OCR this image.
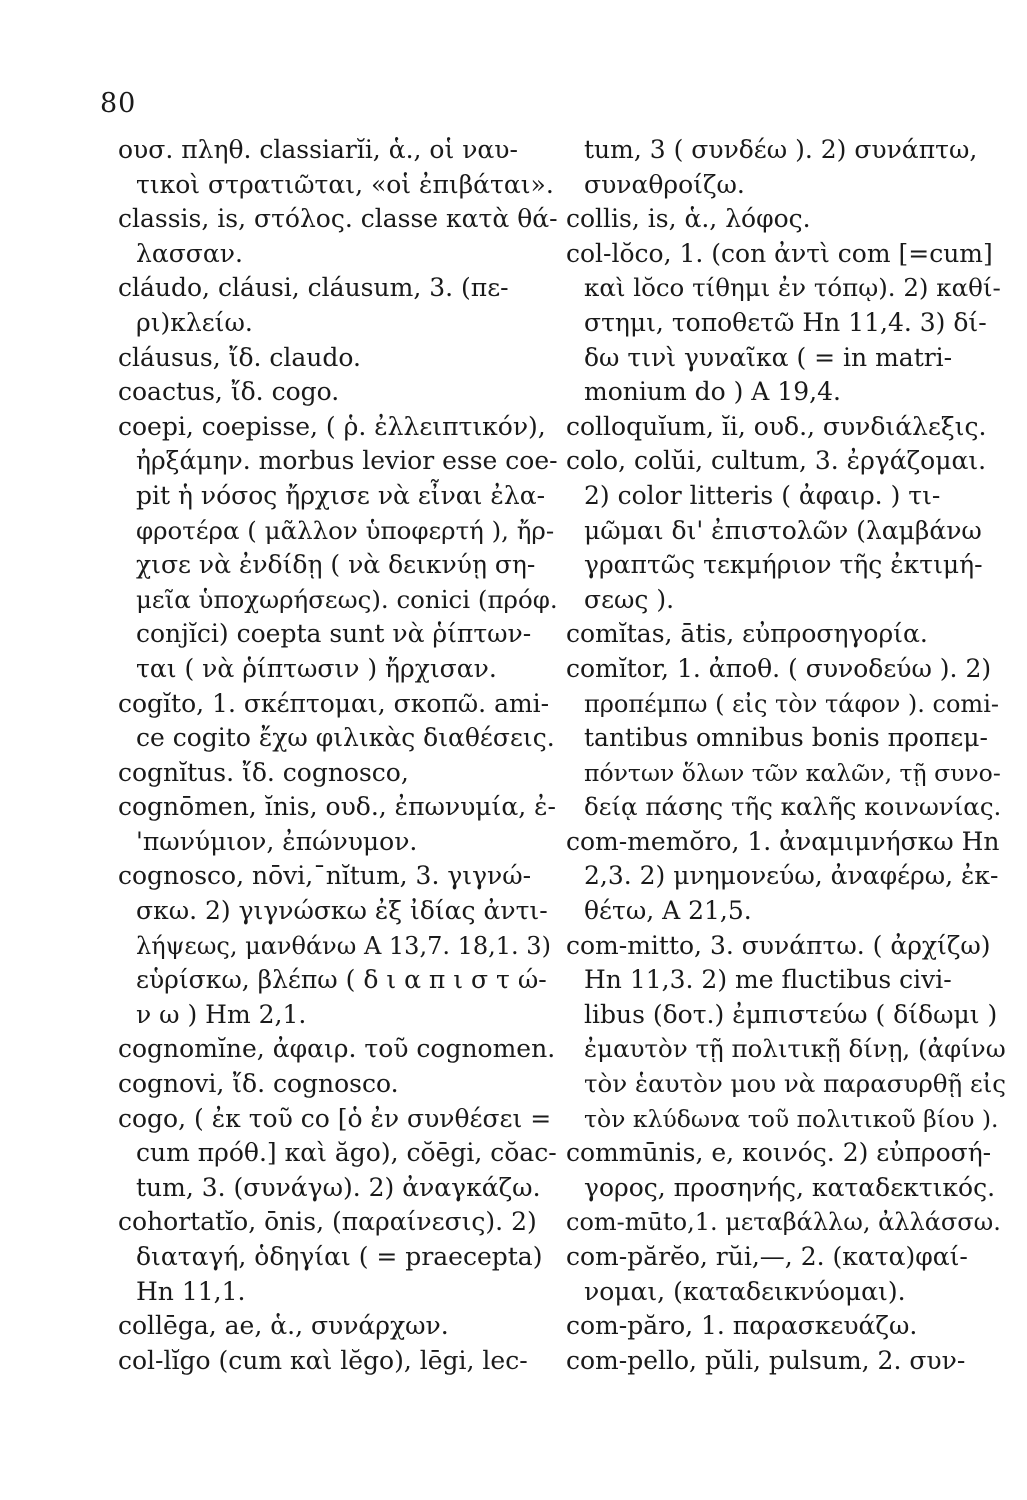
80
ουσ. πληθ. classiarĭi, ἁ., οἱ ναυ-
τικοὶ στρατιῶται, «οἱ ἐπιβάται».
classis, is, στόλος. classe κατὰ θά-
λασσαν.
cláudo, cláusi, cláusum, 3. (πε-
ρι)κλείω.
cláusus, ἴδ. claudo.
coactus, ἴδ. cogo.
coepi, coepisse, ( ῥ. ἐλλειπτικόν),
ἠρξάμην. morbus levior esse coe-
pit ἡ νόσος ἤρχισε νὰ εἶναι ἐλα-
φροτέρα ( μᾶλλον ὑποφερτή ), ἤρ-
χισε νὰ ἐνδίδῃ ( νὰ δεικνύῃ ση-
μεῖα ὑποχωρήσεως). conici (πρόφ.
conjĭci) coepta sunt νὰ ῥίπτων-
ται ( νὰ ῥίπτωσιν ) ἤρχισαν.
cogĭto, 1. σκέπτομαι, σκοπῶ. ami-
ce cogito ἔχω φιλικὰς διαθέσεις.
cognĭtus. ἴδ. cognosco,
cognōmen, ĭnis, ουδ., ἐπωνυμία, ἐ-
'πωνύμιον, ἐπώνυμον.
cognosco, nōvi,ˉnĭtum, 3. γιγνώ-
σκω. 2) γιγνώσκω ἐξ ἰδίας ἀντι-
λήψεως, μανθάνω Α 13,7. 18,1. 3)
εὑρίσκω, βλέπω ( δ ι α π ι σ τ ώ-
ν ω ) Hm 2,1.
cognomĭne, ἀφαιρ. τοῦ cognomen.
cognovi, ἴδ. cognosco.
cogo, ( ἐκ τοῦ co [ὁ ἐν συνθέσει =
cum πρόθ.] καὶ ăgo), cŏēgi, cŏac-
tum, 3. (συνάγω). 2) ἀναγκάζω.
cohortatĭo, ōnis, (παραίνεσις). 2)
διαταγή, ὁδηγίαι ( = praecepta)
Hn 11,1.
collēga, ae, ἁ., συνάρχων.
col-lĭgo (cum καὶ lĕgo), lēgi, lec-
tum, 3 ( συνδέω ). 2) συνάπτω,
συναθροίζω.
collis, is, ἁ., λόφος.
col-lŏco, 1. (con ἀντὶ com [=cum]
καὶ lŏco τίθημι ἐν τόπῳ). 2) καθί-
στημι, τοποθετῶ Hn 11,4. 3) δί-
δω τινὶ γυναῖκα ( = in matri-
monium do ) Α 19,4.
colloquĭum, ĭi, ουδ., συνδιάλεξις.
colo, colŭi, cultum, 3. ἐργάζομαι.
2) color litteris ( ἀφαιρ. ) τι-
μῶμαι δι' ἐπιστολῶν (λαμβάνω
γραπτῶς τεκμήριον τῆς ἐκτιμή-
σεως ).
comĭtas, ātis, εὐπροσηγορία.
comĭtor, 1. ἀποθ. ( συνοδεύω ). 2)
προπέμπω ( εἰς τὸν τάφον ). comi-
tantibus omnibus bonis προπεμ-
πόντων ὅλων τῶν καλῶν, τῇ συνο-
δείᾳ πάσης τῆς καλῆς κοινωνίας.
com-memŏro, 1. ἀναμιμνήσκω Hn
2,3. 2) μνημονεύω, ἀναφέρω, ἐκ-
θέτω, Α 21,5.
com-mitto, 3. συνάπτω. ( ἀρχίζω)
Hn 11,3. 2) me fluctibus civi-
libus (δοτ.) ἐμπιστεύω ( δίδωμι )
ἐμαυτὸν τῇ πολιτικῇ δίνῃ, (ἀφίνω
τὸν ἑαυτὸν μου νὰ παρασυρθῇ εἰς
τὸν κλύδωνα τοῦ πολιτικοῦ βίου ).
commūnis, e, κοινός. 2) εὐπροσή-
γορος, προσηνής, καταδεκτικός.
com-mūto,1. μεταβάλλω, ἀλλάσσω.
com-părĕo, rŭi,—, 2. (κατα)φαί-
νομαι, (καταδεικνύομαι).
com-păro, 1. παρασκευάζω.
com-pello, pŭli, pulsum, 2. συν-
